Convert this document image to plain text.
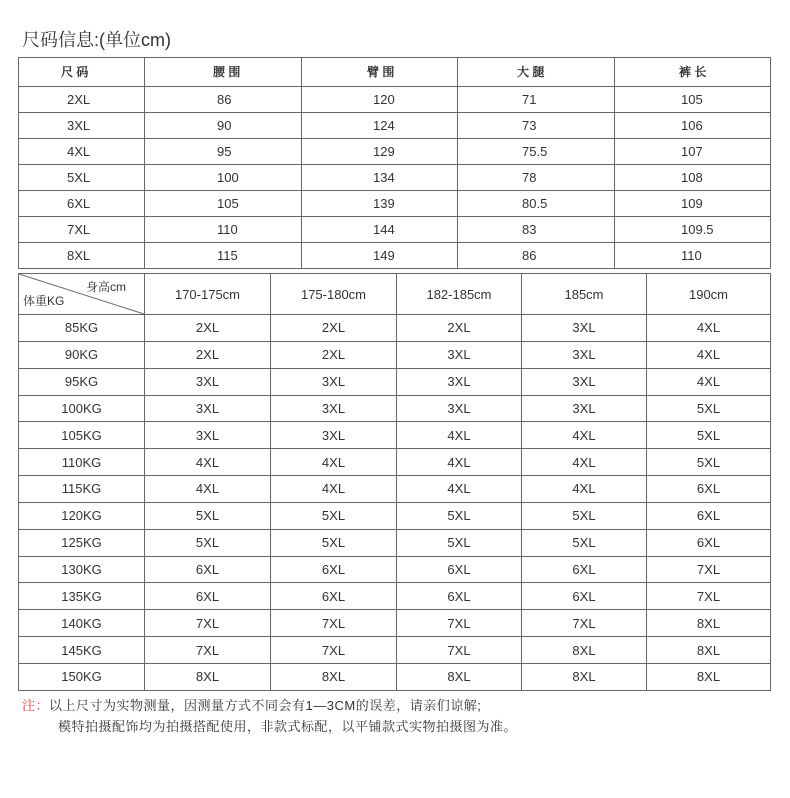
尺码信息:(单位cm)
尺 码	腰 围	臂 围	大 腿	裤 长
2XL	86	120	71	105
3XL	90	124	73	106
4XL	95	129	75.5	107
5XL	100	134	78	108
6XL	105	139	80.5	109
7XL	110	144	83	109.5
8XL	115	149	86	110
身高cm
体重KG	170-175cm	175-180cm	182-185cm	185cm	190cm
85KG	2XL	2XL	2XL	3XL	4XL
90KG	2XL	2XL	3XL	3XL	4XL
95KG	3XL	3XL	3XL	3XL	4XL
100KG	3XL	3XL	3XL	3XL	5XL
105KG	3XL	3XL	4XL	4XL	5XL
110KG	4XL	4XL	4XL	4XL	5XL
115KG	4XL	4XL	4XL	4XL	6XL
120KG	5XL	5XL	5XL	5XL	6XL
125KG	5XL	5XL	5XL	5XL	6XL
130KG	6XL	6XL	6XL	6XL	7XL
135KG	6XL	6XL	6XL	6XL	7XL
140KG	7XL	7XL	7XL	7XL	8XL
145KG	7XL	7XL	7XL	8XL	8XL
150KG	8XL	8XL	8XL	8XL	8XL

注：以上尺寸为实物测量，因测量方式不同会有1—3CM的误差，请亲们谅解;

模特拍摄配饰均为拍摄搭配使用，非款式标配，以平铺款式实物拍摄图为准。
